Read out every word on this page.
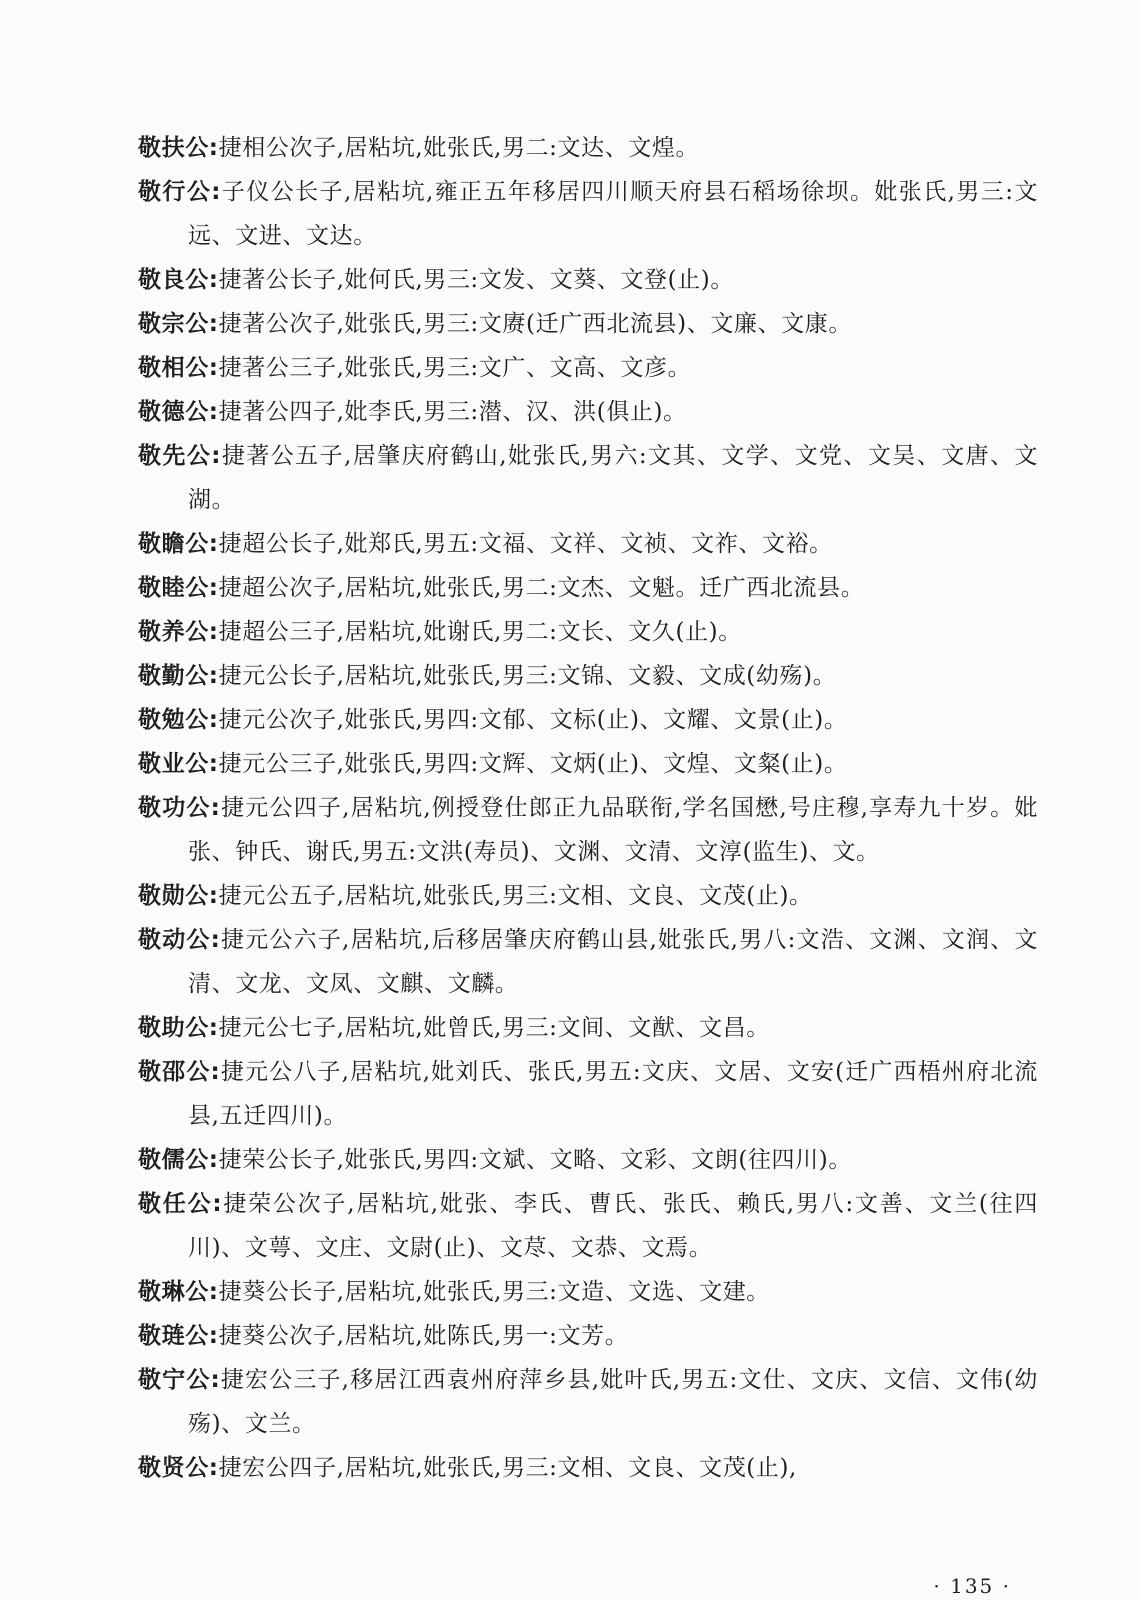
敬扶公:捷相公次子,居粘坑,妣张氏,男二:文达、文煌。
敬行公:子仪公长子,居粘坑,雍正五年移居四川顺天府县石稻场徐坝。妣张氏,男三:文远、文进、文达。
敬良公:捷著公长子,妣何氏,男三:文发、文葵、文登(止)。
敬宗公:捷著公次子,妣张氏,男三:文赓(迁广西北流县)、文廉、文康。
敬相公:捷著公三子,妣张氏,男三:文广、文高、文彦。
敬德公:捷著公四子,妣李氏,男三:潜、汉、洪(俱止)。
敬先公:捷著公五子,居肇庆府鹤山,妣张氏,男六:文其、文学、文党、文吴、文唐、文湖。
敬瞻公:捷超公长子,妣郑氏,男五:文福、文祥、文祯、文祚、文裕。
敬睦公:捷超公次子,居粘坑,妣张氏,男二:文杰、文魁。迁广西北流县。
敬养公:捷超公三子,居粘坑,妣谢氏,男二:文长、文久(止)。
敬勤公:捷元公长子,居粘坑,妣张氏,男三:文锦、文毅、文成(幼殇)。
敬勉公:捷元公次子,妣张氏,男四:文郁、文标(止)、文耀、文景(止)。
敬业公:捷元公三子,妣张氏,男四:文辉、文炳(止)、文煌、文粲(止)。
敬功公:捷元公四子,居粘坑,例授登仕郎正九品联衔,学名国懋,号庄穆,享寿九十岁。妣张、钟氏、谢氏,男五:文洪(寿员)、文渊、文清、文淳(监生)、文。
敬勋公:捷元公五子,居粘坑,妣张氏,男三:文相、文良、文茂(止)。
敬动公:捷元公六子,居粘坑,后移居肇庆府鹤山县,妣张氏,男八:文浩、文渊、文润、文清、文龙、文凤、文麒、文麟。
敬助公:捷元公七子,居粘坑,妣曾氏,男三:文间、文猷、文昌。
敬邵公:捷元公八子,居粘坑,妣刘氏、张氏,男五:文庆、文居、文安(迁广西梧州府北流县,五迁四川)。
敬儒公:捷荣公长子,妣张氏,男四:文斌、文略、文彩、文朗(往四川)。
敬任公:捷荣公次子,居粘坑,妣张、李氏、曹氏、张氏、赖氏,男八:文善、文兰(往四川)、文萼、文庄、文尉(止)、文荩、文恭、文焉。
敬琳公:捷葵公长子,居粘坑,妣张氏,男三:文造、文选、文建。
敬琏公:捷葵公次子,居粘坑,妣陈氏,男一:文芳。
敬宁公:捷宏公三子,移居江西袁州府萍乡县,妣叶氏,男五:文仕、文庆、文信、文伟(幼殇)、文兰。
敬贤公:捷宏公四子,居粘坑,妣张氏,男三:文相、文良、文茂(止),
· 135 ·
